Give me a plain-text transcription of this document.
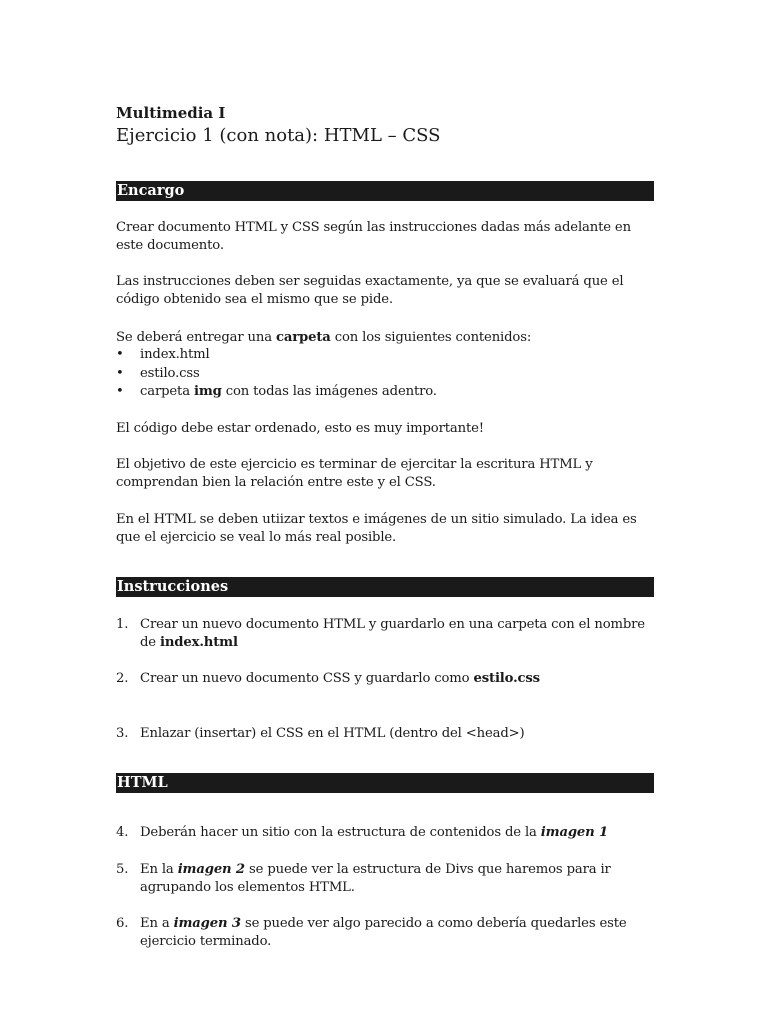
Multimedia I
Ejercicio 1 (con nota): HTML – CSS
Encargo

Crear documento HTML y CSS según las instrucciones dadas más adelante en este documento.

Las instrucciones deben ser seguidas exactamente, ya que se evaluará que el código obtenido sea el mismo que se pide.

Se deberá entregar una carpeta con los siguientes contenidos:

• index.html
• estilo.css
• carpeta img con todas las imágenes adentro.

El código debe estar ordenado, esto es muy importante!

El objetivo de este ejercicio es terminar de ejercitar la escritura HTML y comprendan bien la relación entre este y el CSS.

En el HTML se deben utiizar textos e imágenes de un sitio simulado. La idea es que el ejercicio se veal lo más real posible.

Instrucciones
1. Crear un nuevo documento HTML y guardarlo en una carpeta con el nombre de index.html
2. Crear un nuevo documento CSS y guardarlo como estilo.css
3. Enlazar (insertar) el CSS en el HTML (dentro del <head>)
HTML
4. Deberán hacer un sitio con la estructura de contenidos de la imagen 1
5. En la imagen 2 se puede ver la estructura de Divs que haremos para ir agrupando los elementos HTML.
6. En a imagen 3 se puede ver algo parecido a como debería quedarles este ejercicio terminado.
